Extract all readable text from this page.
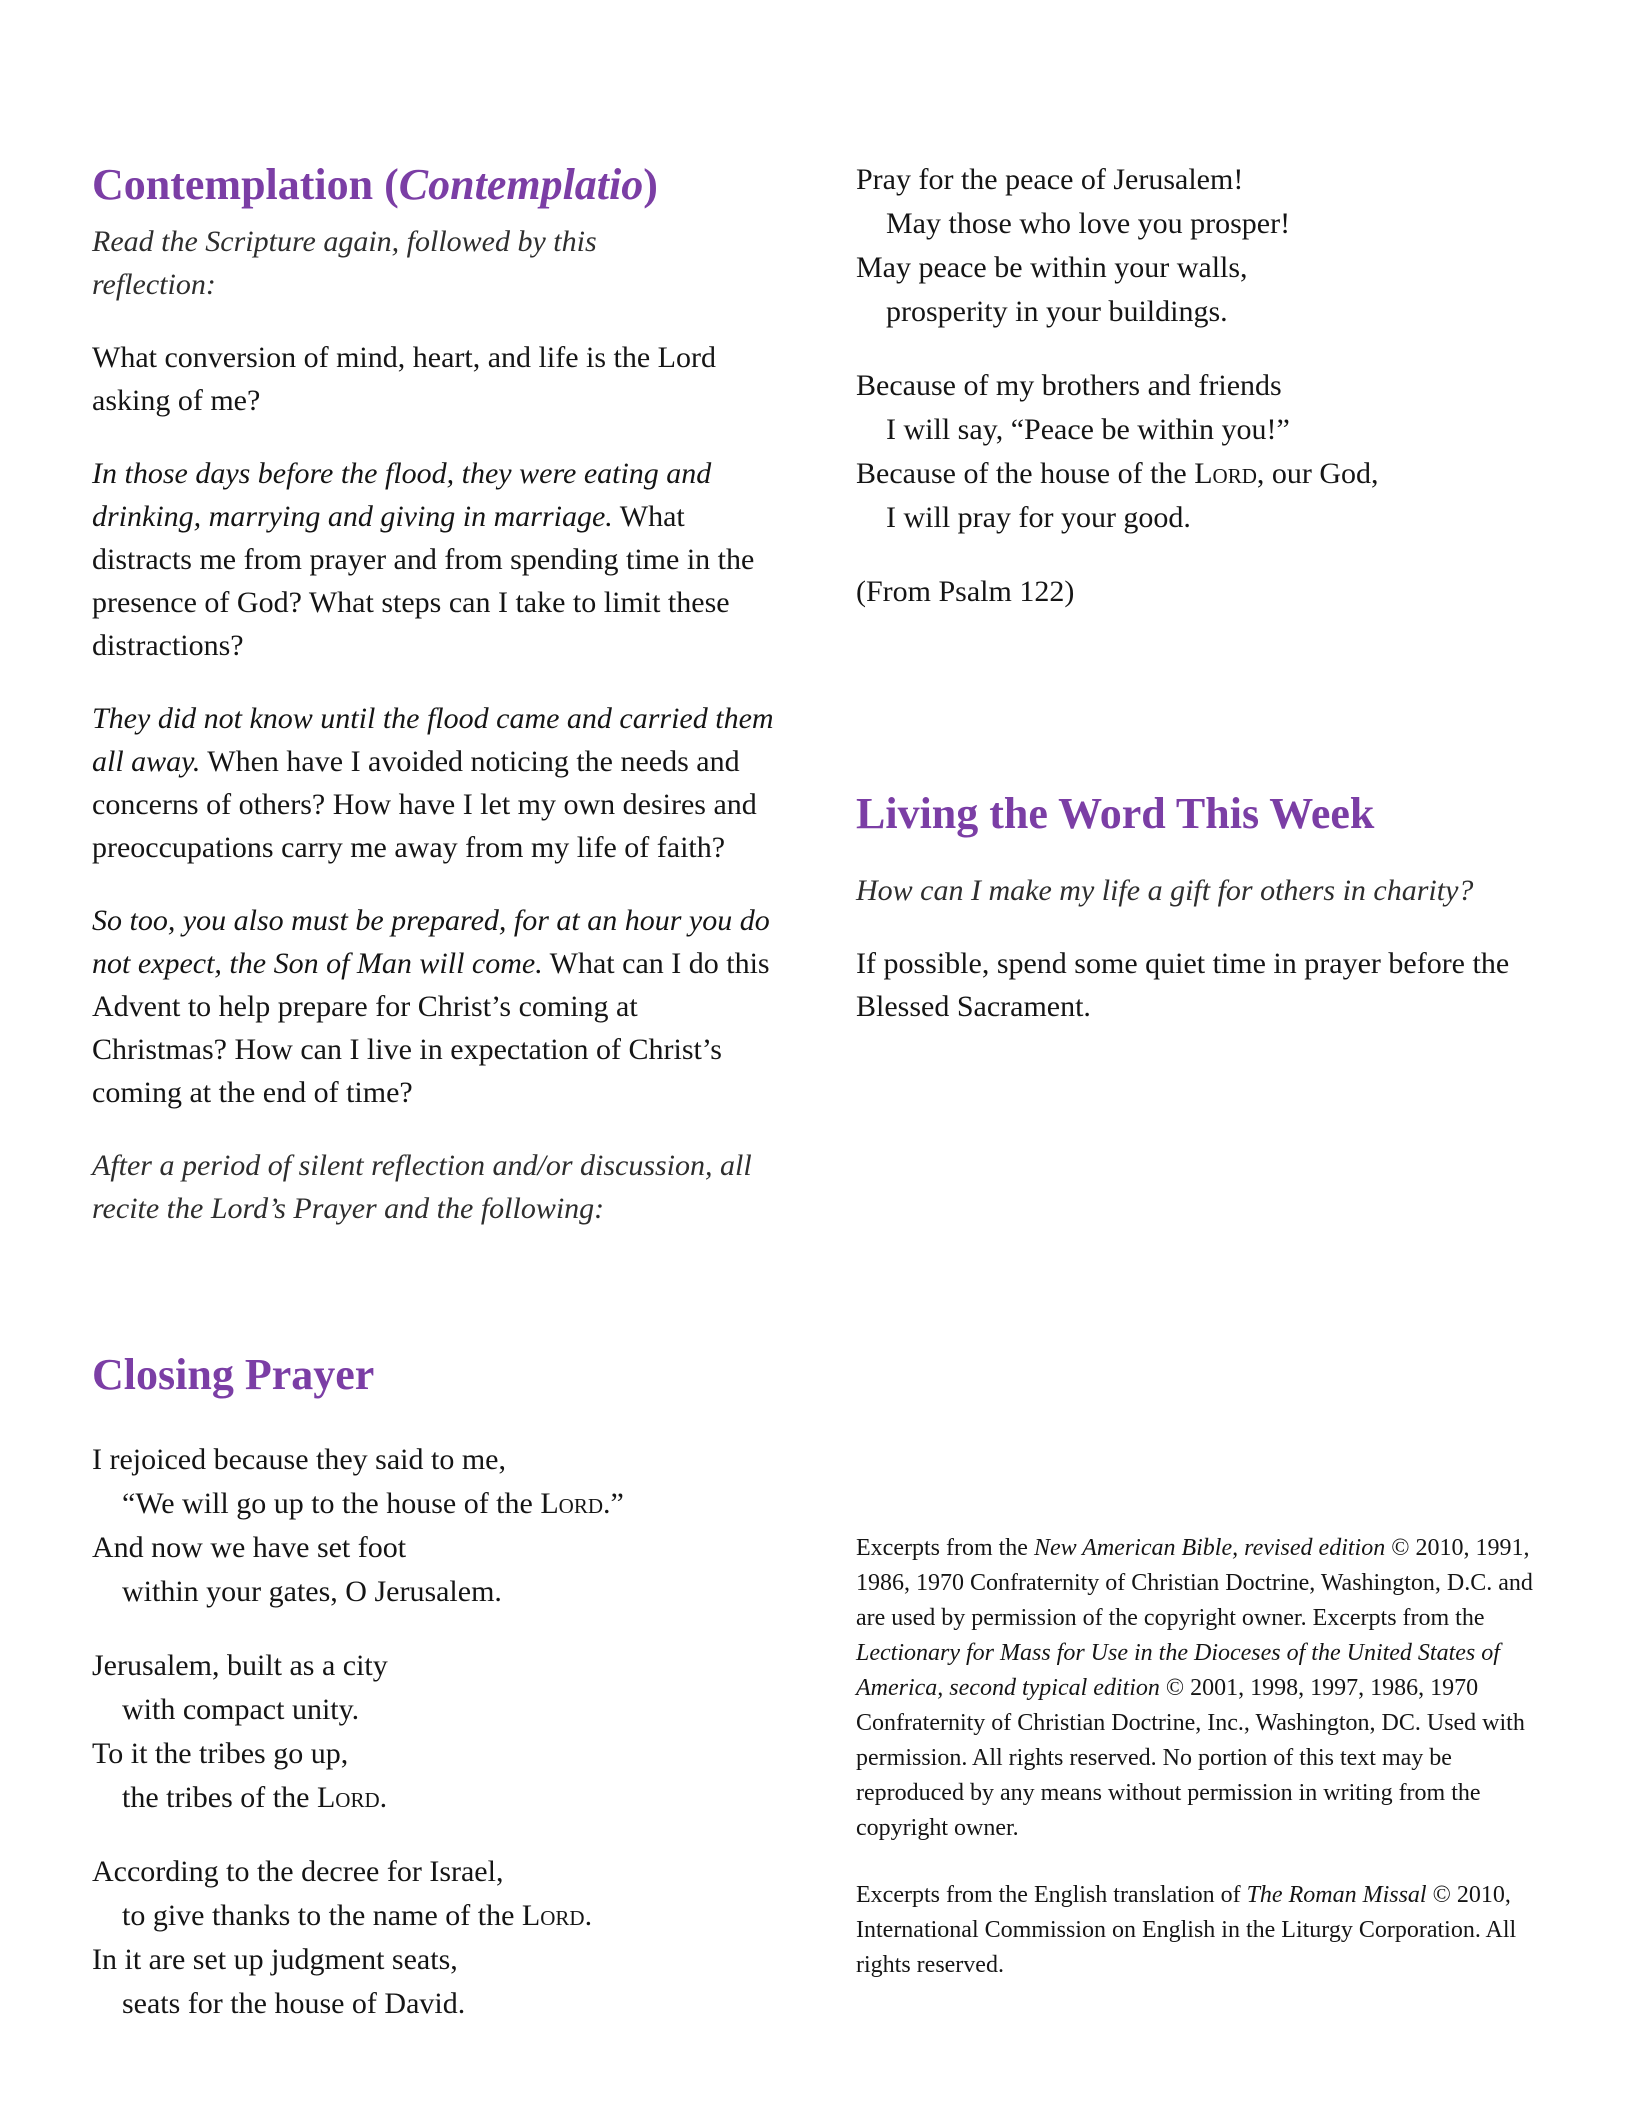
Contemplation (Contemplatio)

Read the Scripture again, followed by this reflection:

What conversion of mind, heart, and life is the Lord asking of me?

In those days before the flood, they were eating and drinking, marrying and giving in marriage. What distracts me from prayer and from spending time in the presence of God? What steps can I take to limit these distractions?

They did not know until the flood came and carried them all away. When have I avoided noticing the needs and concerns of others? How have I let my own desires and preoccupations carry me away from my life of faith?

So too, you also must be prepared, for at an hour you do not expect, the Son of Man will come. What can I do this Advent to help prepare for Christ’s coming at Christmas? How can I live in expectation of Christ’s coming at the end of time?

After a period of silent reflection and/or discussion, all recite the Lord’s Prayer and the following:

Closing Prayer
I rejoiced because they said to me,
“We will go up to the house of the Lord.”
And now we have set foot
within your gates, O Jerusalem.
Jerusalem, built as a city
with compact unity.
To it the tribes go up,
the tribes of the Lord.
According to the decree for Israel,
to give thanks to the name of the Lord.
In it are set up judgment seats,
seats for the house of David.
Pray for the peace of Jerusalem!
May those who love you prosper!
May peace be within your walls,
prosperity in your buildings.
Because of my brothers and friends
I will say, “Peace be within you!”
Because of the house of the Lord, our God,
I will pray for your good.

(From Psalm 122)

Living the Word This Week

How can I make my life a gift for others in charity?

If possible, spend some quiet time in prayer before the Blessed Sacrament.

Excerpts from the New American Bible, revised edition © 2010, 1991, 1986, 1970 Confraternity of Christian Doctrine, Washington, D.C. and are used by permission of the copyright owner. Excerpts from the Lectionary for Mass for Use in the Dioceses of the United States of America, second typical edition © 2001, 1998, 1997, 1986, 1970 Confraternity of Christian Doctrine, Inc., Washington, DC. Used with permission. All rights reserved. No portion of this text may be reproduced by any means without permission in writing from the copyright owner.

Excerpts from the English translation of The Roman Missal © 2010, International Commission on English in the Liturgy Corporation. All rights reserved.
